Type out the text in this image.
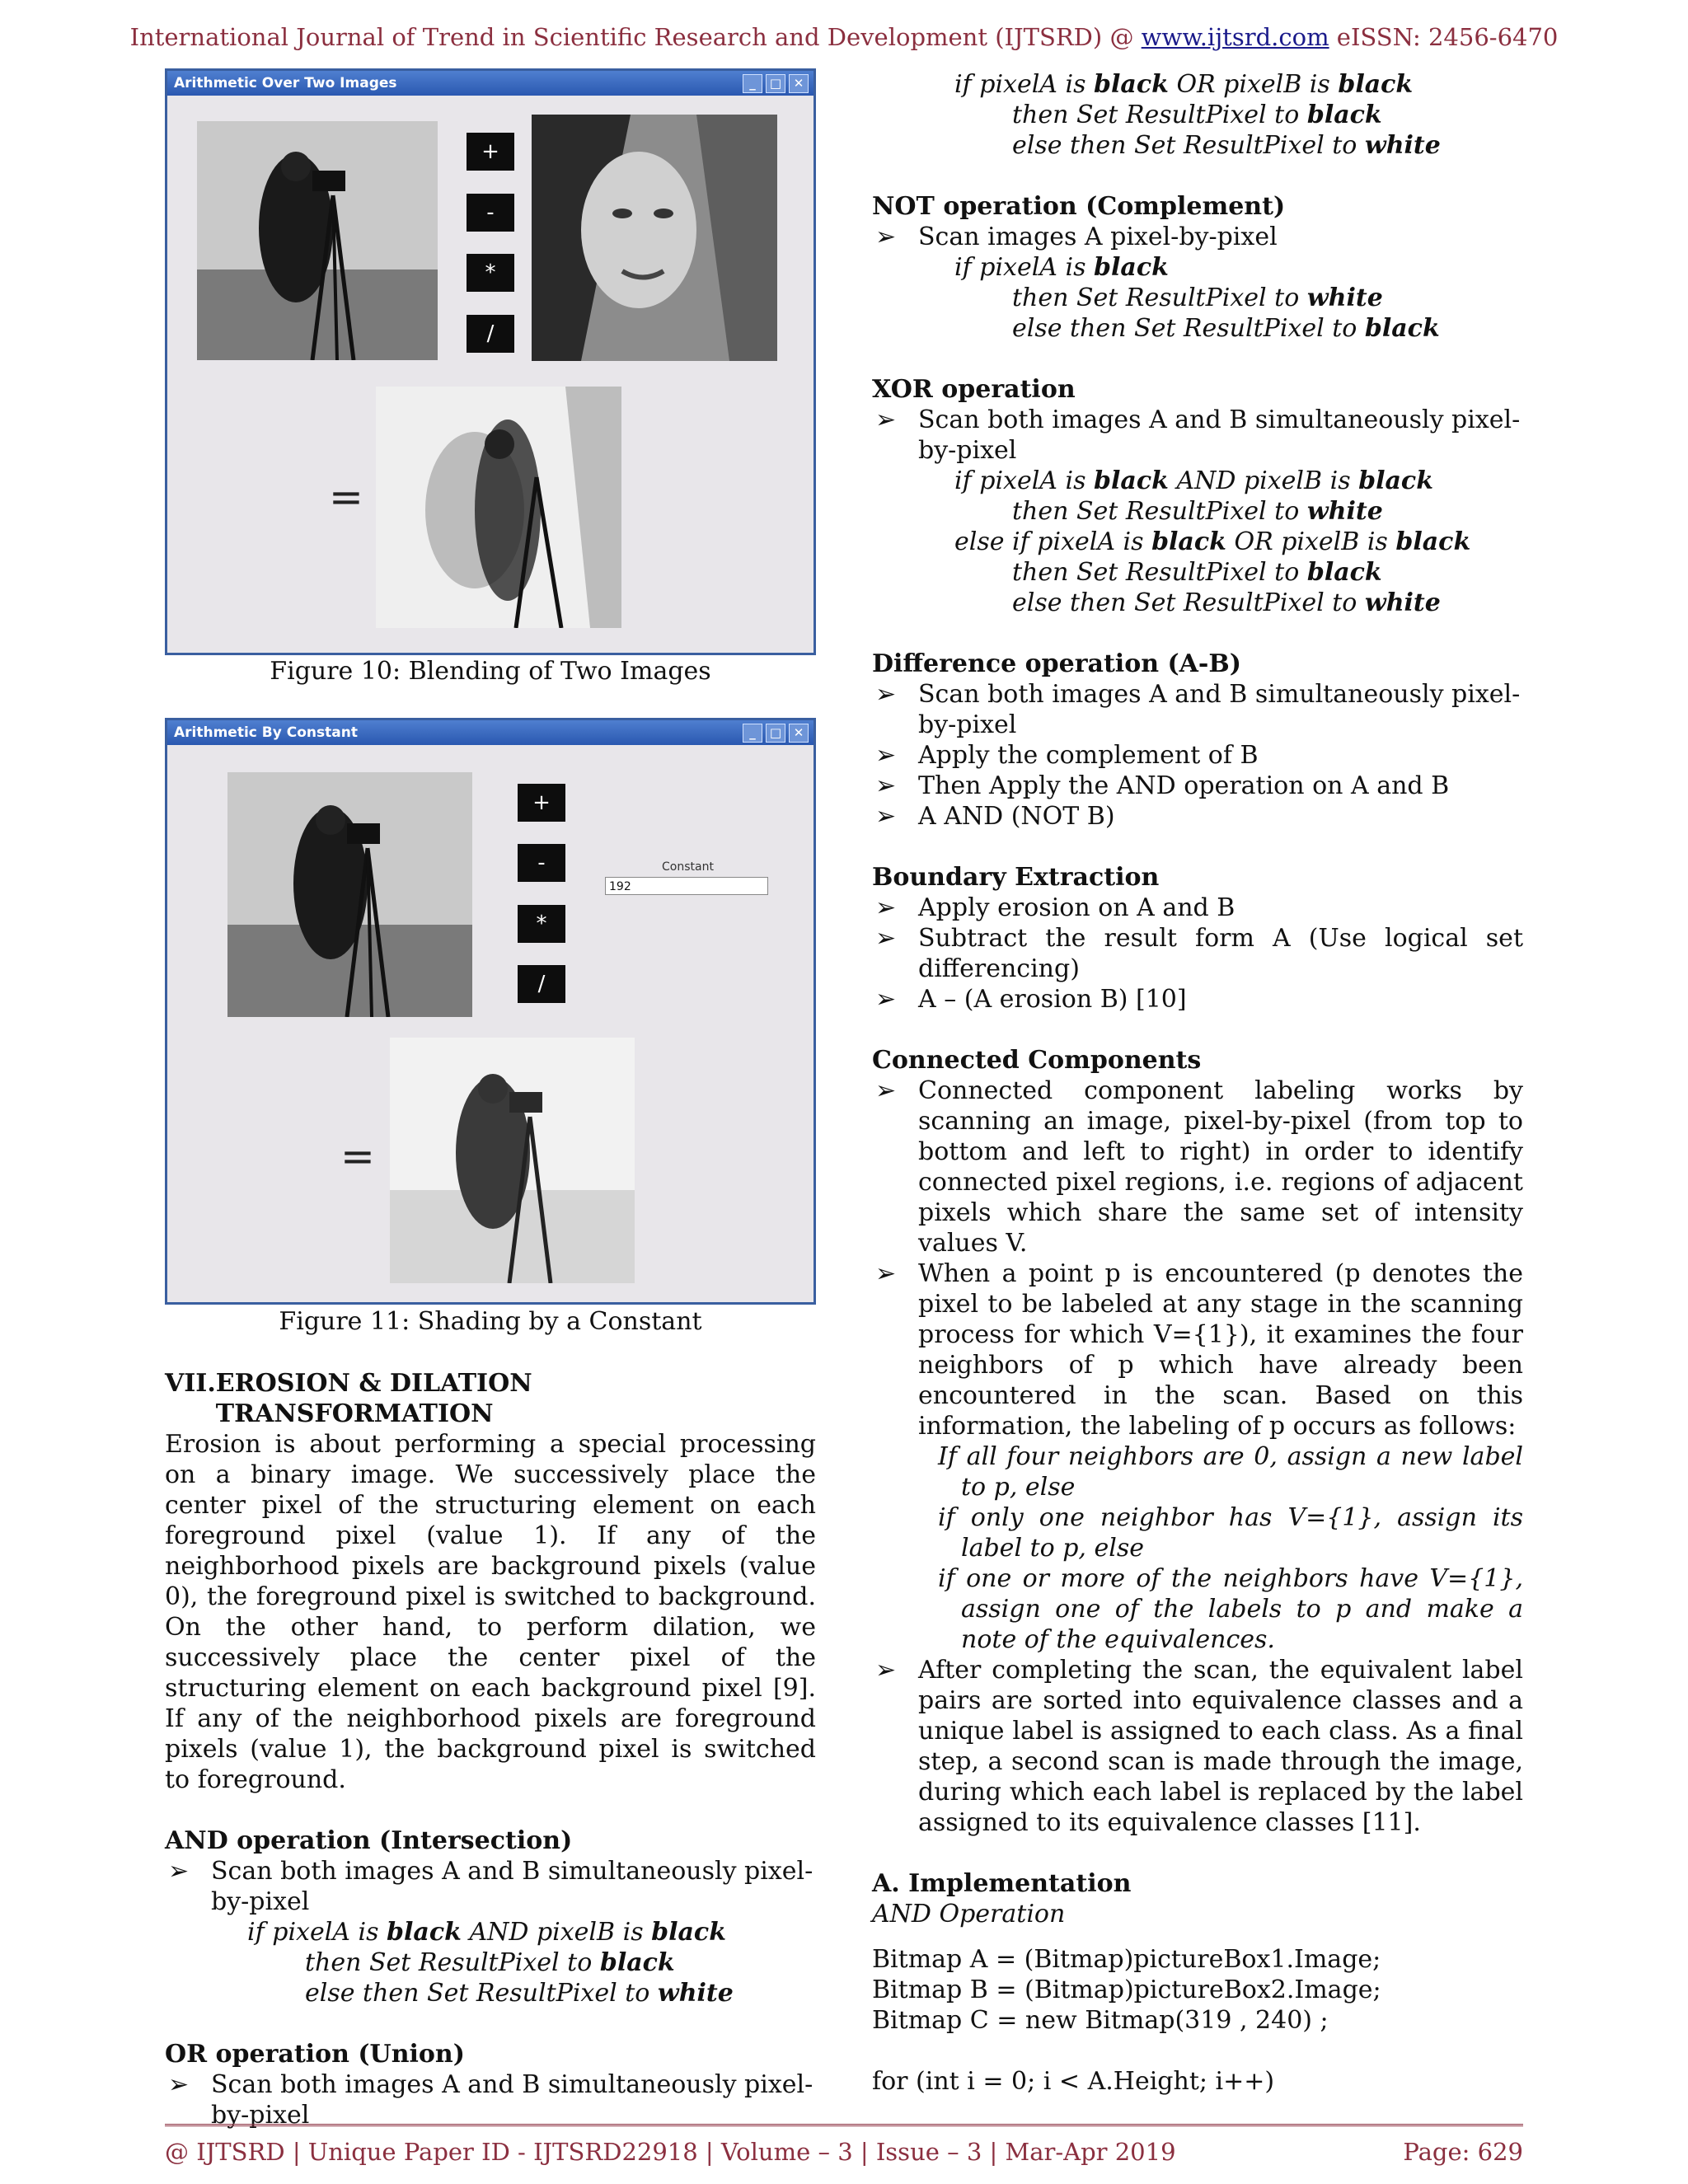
International Journal of Trend in Scientific Research and Development (IJTSRD) @ www.ijtsrd.com eISSN: 2456-6470
Arithmetic Over Two Images	_	□ ✕
+
-
*
/
=
Figure 10: Blending of Two Images
Arithmetic By Constant	_	□ ✕
+
-
*
/
Constant
192
=
Figure 11: Shading by a Constant
VII. EROSION & DILATION TRANSFORMATION
Erosion is about performing a special processing on a binary image. We successively place the center pixel of the structuring element on each foreground pixel (value 1). If any of the neighborhood pixels are background pixels (value 0), the foreground pixel is switched to background. On the other hand, to perform dilation, we successively place the center pixel of the structuring element on each background pixel [9]. If any of the neighborhood pixels are foreground pixels (value 1), the background pixel is switched to foreground.
AND operation (Intersection)
➢ Scan both images A and B simultaneously pixel-by-pixel
if pixelA is black AND pixelB is black
then Set ResultPixel to black
else then Set ResultPixel to white
OR operation (Union)
➢ Scan both images A and B simultaneously pixel-by-pixel
if pixelA is black OR pixelB is black
then Set ResultPixel to black
else then Set ResultPixel to white
NOT operation (Complement)
➢ Scan images A pixel-by-pixel
if pixelA is black
then Set ResultPixel to white
else then Set ResultPixel to black
XOR operation
➢ Scan both images A and B simultaneously pixel-by-pixel
if pixelA is black AND pixelB is black
then Set ResultPixel to white
else if pixelA is black OR pixelB is black
then Set ResultPixel to black
else then Set ResultPixel to white
Difference operation (A-B)
➢ Scan both images A and B simultaneously pixel-by-pixel
➢ Apply the complement of B
➢ Then Apply the AND operation on A and B
➢ A AND (NOT B)
Boundary Extraction
➢ Apply erosion on A and B
➢ Subtract the result form A (Use logical set differencing)
➢ A – (A erosion B) [10]
Connected Components
➢ Connected component labeling works by scanning an image, pixel-by-pixel (from top to bottom and left to right) in order to identify connected pixel regions, i.e. regions of adjacent pixels which share the same set of intensity values V.
➢ When a point p is encountered (p denotes the pixel to be labeled at any stage in the scanning process for which V={1}), it examines the four neighbors of p which have already been encountered in the scan. Based on this information, the labeling of p occurs as follows:
If all four neighbors are 0, assign a new label to p, else
if only one neighbor has V={1}, assign its label to p, else
if one or more of the neighbors have V={1}, assign one of the labels to p and make a note of the equivalences.
➢ After completing the scan, the equivalent label pairs are sorted into equivalence classes and a unique label is assigned to each class. As a final step, a second scan is made through the image, during which each label is replaced by the label assigned to its equivalence classes [11].
A. Implementation
AND Operation
Bitmap A = (Bitmap)pictureBox1.Image;
Bitmap B = (Bitmap)pictureBox2.Image;
Bitmap C = new Bitmap(319 , 240) ;
for (int i = 0; i < A.Height; i++)
@ IJTSRD | Unique Paper ID - IJTSRD22918 | Volume – 3 | Issue – 3 | Mar-Apr 2019	Page: 629
